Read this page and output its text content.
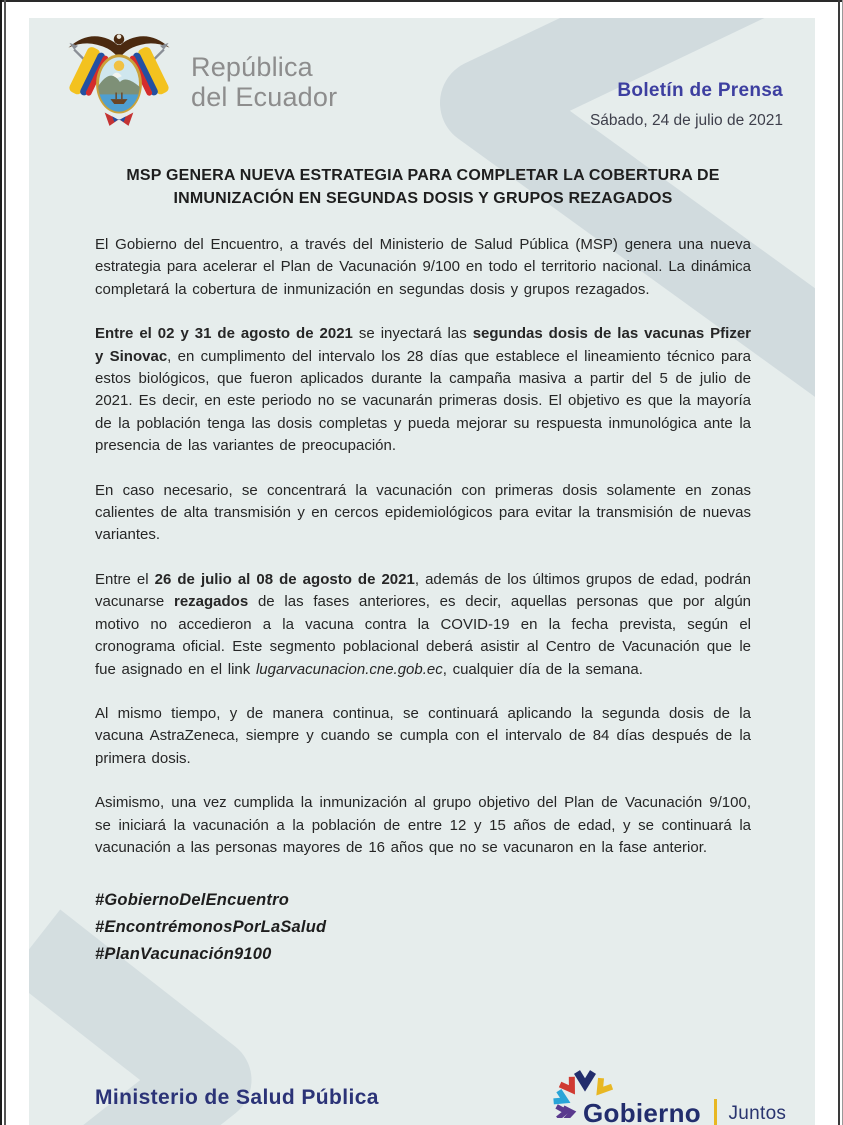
República
del Ecuador	Boletín de Prensa
Sábado, 24 de julio de 2021
MSP GENERA NUEVA ESTRATEGIA PARA COMPLETAR LA COBERTURA DE
INMUNIZACIÓN EN SEGUNDAS DOSIS Y GRUPOS REZAGADOS

El Gobierno del Encuentro, a través del Ministerio de Salud Pública (MSP) genera una nueva estrategia para acelerar el Plan de Vacunación 9/100 en todo el territorio nacional. La dinámica completará la cobertura de inmunización en segundas dosis y grupos rezagados.

Entre el 02 y 31 de agosto de 2021 se inyectará las segundas dosis de las vacunas Pfizer y Sinovac, en cumplimento del intervalo los 28 días que establece el lineamiento técnico para estos biológicos, que fueron aplicados durante la campaña masiva a partir del 5 de julio de 2021. Es decir, en este periodo no se vacunarán primeras dosis. El objetivo es que la mayoría de la población tenga las dosis completas y pueda mejorar su respuesta inmunológica ante la presencia de las variantes de preocupación.

En caso necesario, se concentrará la vacunación con primeras dosis solamente en zonas calientes de alta transmisión y en cercos epidemiológicos para evitar la transmisión de nuevas variantes.

Entre el 26 de julio al 08 de agosto de 2021, además de los últimos grupos de edad, podrán vacunarse rezagados de las fases anteriores, es decir, aquellas personas que por algún motivo no accedieron a la vacuna contra la COVID-19 en la fecha prevista, según el cronograma oficial. Este segmento poblacional deberá asistir al Centro de Vacunación que le fue asignado en el link lugarvacunacion.cne.gob.ec, cualquier día de la semana.

Al mismo tiempo, y de manera continua, se continuará aplicando la segunda dosis de la vacuna AstraZeneca, siempre y cuando se cumpla con el intervalo de 84 días después de la primera dosis.

Asimismo, una vez cumplida la inmunización al grupo objetivo del Plan de Vacunación 9/100, se iniciará la vacunación a la población de entre 12 y 15 años de edad, y se continuará la vacunación a las personas mayores de 16 años que no se vacunaron en la fase anterior.

#GobiernoDelEncuentro
#EncontrémonosPorLaSalud
#PlanVacunación9100
Ministerio de Salud Pública
Gobierno Juntos
